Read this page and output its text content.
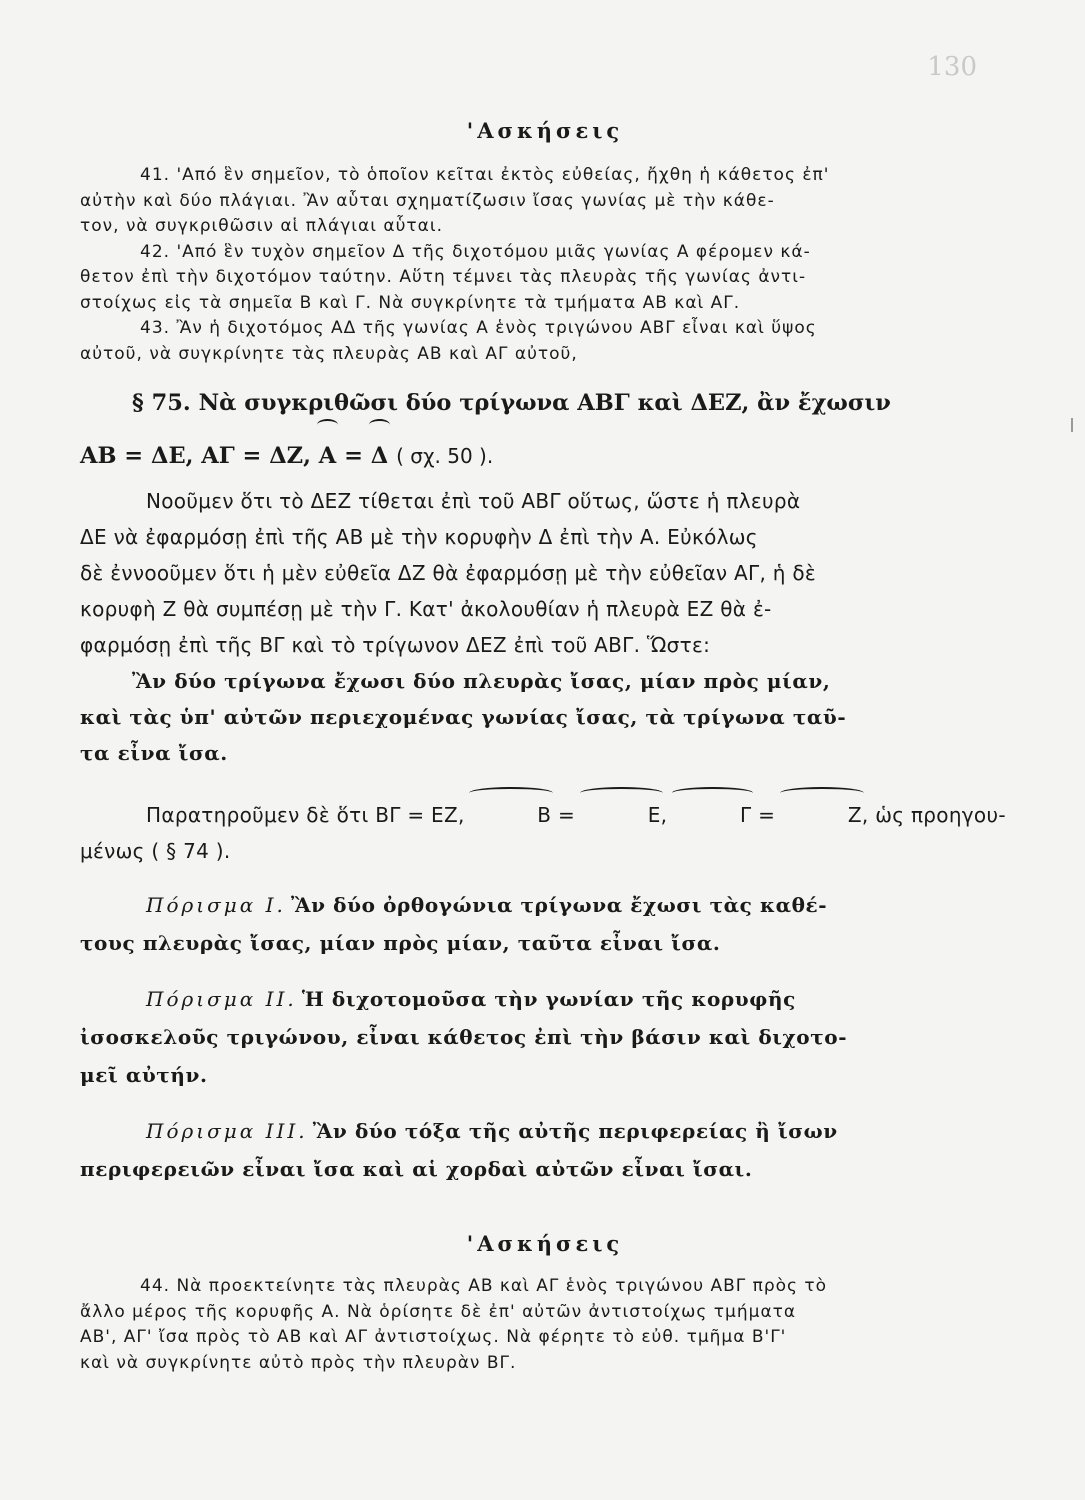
130
'Ασκήσεις

41. 'Από ἓν σημεῖον, τὸ ὁποῖον κεῖται ἐκτὸς εὐθείας, ἤχθη ἡ κάθετος ἐπ'

αὐτὴν καὶ δύο πλάγιαι. Ἂν αὗται σχηματίζωσιν ἴσας γωνίας μὲ τὴν κάθε-

τον, νὰ συγκριθῶσιν αἱ πλάγιαι αὗται.

42. 'Από ἓν τυχὸν σημεῖον Δ τῆς διχοτόμου μιᾶς γωνίας Α φέρομεν κά-

θετον ἐπὶ τὴν διχοτόμον ταύτην. Αὕτη τέμνει τὰς πλευρὰς τῆς γωνίας ἀντι-

στοίχως εἰς τὰ σημεῖα Β καὶ Γ. Νὰ συγκρίνητε τὰ τμήματα ΑΒ καὶ ΑΓ.

43. Ἂν ἡ διχοτόμος ΑΔ τῆς γωνίας Α ἑνὸς τριγώνου ΑΒΓ εἶναι καὶ ὕψος

αὐτοῦ, νὰ συγκρίνητε τὰς πλευρὰς ΑΒ καὶ ΑΓ αὐτοῦ,

§ 75. Νὰ συγκριθῶσι δύο τρίγωνα ΑΒΓ καὶ ΔΕΖ, ἂν ἔχωσιν

ΑΒ = ΔΕ, ΑΓ = ΔΖ, Α = Δ ( σχ. 50 ).

Νοοῦμεν ὅτι τὸ ΔΕΖ τίθεται ἐπὶ τοῦ ΑΒΓ οὕτως, ὥστε ἡ πλευρὰ

ΔΕ νὰ ἐφαρμόσῃ ἐπὶ τῆς ΑΒ μὲ τὴν κορυφὴν Δ ἐπὶ τὴν Α. Εὐκόλως

δὲ ἐννοοῦμεν ὅτι ἡ μὲν εὐθεῖα ΔΖ θὰ ἐφαρμόσῃ μὲ τὴν εὐθεῖαν ΑΓ, ἡ δὲ

κορυφὴ Ζ θὰ συμπέσῃ μὲ τὴν Γ. Κατ' ἀκολουθίαν ἡ πλευρὰ ΕΖ θὰ ἐ-

φαρμόσῃ ἐπὶ τῆς ΒΓ καὶ τὸ τρίγωνον ΔΕΖ ἐπὶ τοῦ ΑΒΓ. Ὥστε:

Ἂν δύο τρίγωνα ἔχωσι δύο πλευρὰς ἴσας, μίαν πρὸς μίαν,

καὶ τὰς ὑπ' αὐτῶν περιεχομένας γωνίας ἴσας, τὰ τρίγωνα ταῦ-

τα εἶνα ἴσα.

Παρατηροῦμεν δὲ ὅτι ΒΓ = ΕΖ,	Β =	Ε,	Γ =	Ζ, ὡς προηγου-

μένως ( § 74 ).

Πόρισμα Ι. Ἂν δύο ὀρθογώνια τρίγωνα ἔχωσι τὰς καθέ-

τους πλευρὰς ἴσας, μίαν πρὸς μίαν, ταῦτα εἶναι ἴσα.

Πόρισμα ΙΙ. Ἡ διχοτομοῦσα τὴν γωνίαν τῆς κορυφῆς

ἰσοσκελοῦς τριγώνου, εἶναι κάθετος ἐπὶ τὴν βάσιν καὶ διχοτο-

μεῖ αὐτήν.

Πόρισμα ΙΙΙ. Ἂν δύο τόξα τῆς αὐτῆς περιφερείας ἢ ἴσων

περιφερειῶν εἶναι ἴσα καὶ αἱ χορδαὶ αὐτῶν εἶναι ἴσαι.

'Ασκήσεις

44. Νὰ προεκτείνητε τὰς πλευρὰς ΑΒ καὶ ΑΓ ἑνὸς τριγώνου ΑΒΓ πρὸς τὸ

ἄλλο μέρος τῆς κορυφῆς Α. Νὰ ὁρίσητε δὲ ἐπ' αὐτῶν ἀντιστοίχως τμήματα

ΑΒ', ΑΓ' ἴσα πρὸς τὸ ΑΒ καὶ ΑΓ ἀντιστοίχως. Νὰ φέρητε τὸ εὐθ. τμῆμα Β'Γ'

καὶ νὰ συγκρίνητε αὐτὸ πρὸς τὴν πλευρὰν ΒΓ.
